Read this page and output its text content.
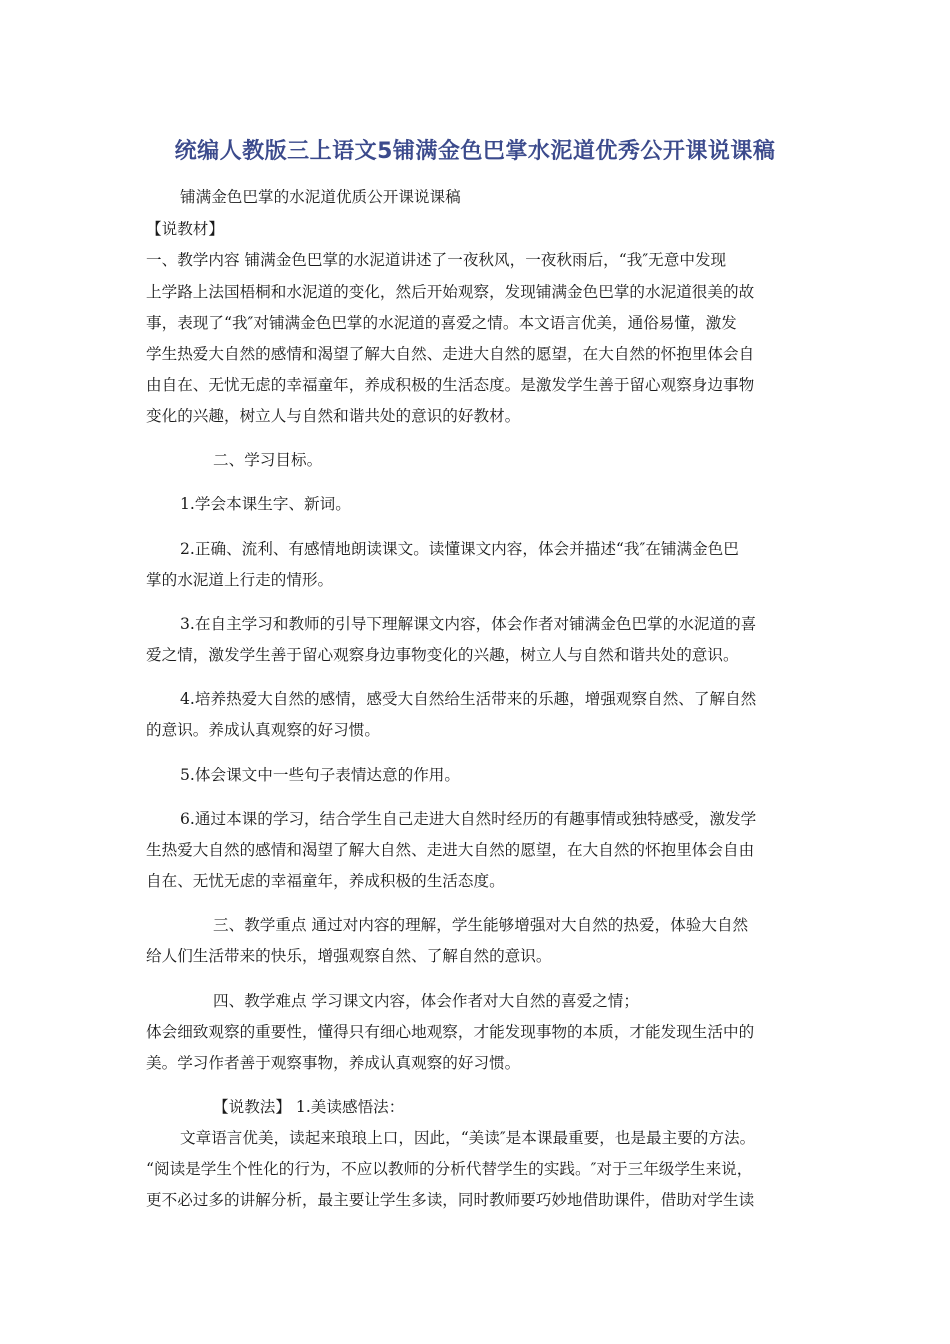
统编人教版三上语文5铺满金色巴掌水泥道优秀公开课说课稿
铺满金色巴掌的水泥道优质公开课说课稿
【说教材】
一、教学内容 铺满金色巴掌的水泥道讲述了一夜秋风，一夜秋雨后，“我″无意中发现
上学路上法国梧桐和水泥道的变化，然后开始观察，发现铺满金色巴掌的水泥道很美的故
事，表现了“我″对铺满金色巴掌的水泥道的喜爱之情。本文语言优美，通俗易懂，激发
学生热爱大自然的感情和渴望了解大自然、走进大自然的愿望，在大自然的怀抱里体会自
由自在、无忧无虑的幸福童年，养成积极的生活态度。是激发学生善于留心观察身边事物
变化的兴趣，树立人与自然和谐共处的意识的好教材。
二、学习目标。
1.学会本课生字、新词。
2.正确、流利、有感情地朗读课文。读懂课文内容，体会并描述“我″在铺满金色巴
掌的水泥道上行走的情形。
3.在自主学习和教师的引导下理解课文内容，体会作者对铺满金色巴掌的水泥道的喜
爱之情，激发学生善于留心观察身边事物变化的兴趣，树立人与自然和谐共处的意识。
4.培养热爱大自然的感情，感受大自然给生活带来的乐趣，增强观察自然、了解自然
的意识。养成认真观察的好习惯。
5.体会课文中一些句子表情达意的作用。
6.通过本课的学习，结合学生自己走进大自然时经历的有趣事情或独特感受，激发学
生热爱大自然的感情和渴望了解大自然、走进大自然的愿望，在大自然的怀抱里体会自由
自在、无忧无虑的幸福童年，养成积极的生活态度。
三、教学重点 通过对内容的理解，学生能够增强对大自然的热爱，体验大自然
给人们生活带来的快乐，增强观察自然、了解自然的意识。
四、教学难点 学习课文内容，体会作者对大自然的喜爱之情；
体会细致观察的重要性，懂得只有细心地观察，才能发现事物的本质，才能发现生活中的
美。学习作者善于观察事物，养成认真观察的好习惯。
【说教法】 1.美读感悟法：
文章语言优美，读起来琅琅上口，因此，“美读″是本课最重要，也是最主要的方法。
“阅读是学生个性化的行为，不应以教师的分析代替学生的实践。″对于三年级学生来说，
更不必过多的讲解分析，最主要让学生多读，同时教师要巧妙地借助课件，借助对学生读
